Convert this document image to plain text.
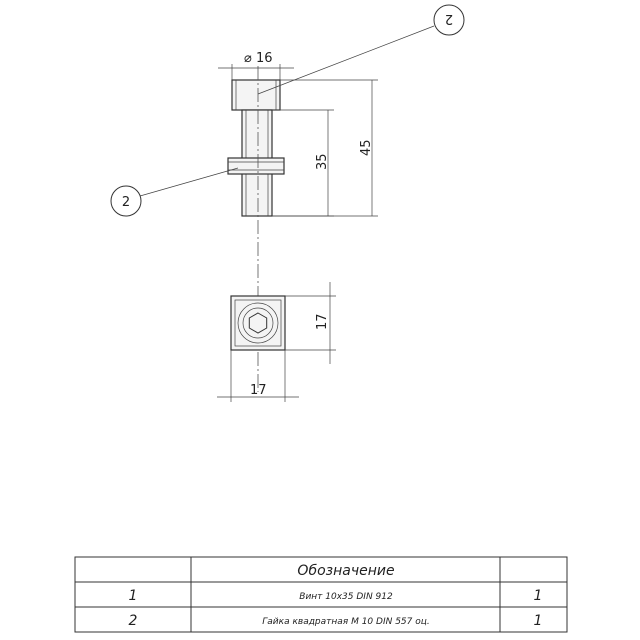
⌀ 16
35
45
17
17
2
2
Обозначение
1	Винт 10x35 DIN 912	1
2	Гайка квадратная М 10 DIN 557 оц.	1
